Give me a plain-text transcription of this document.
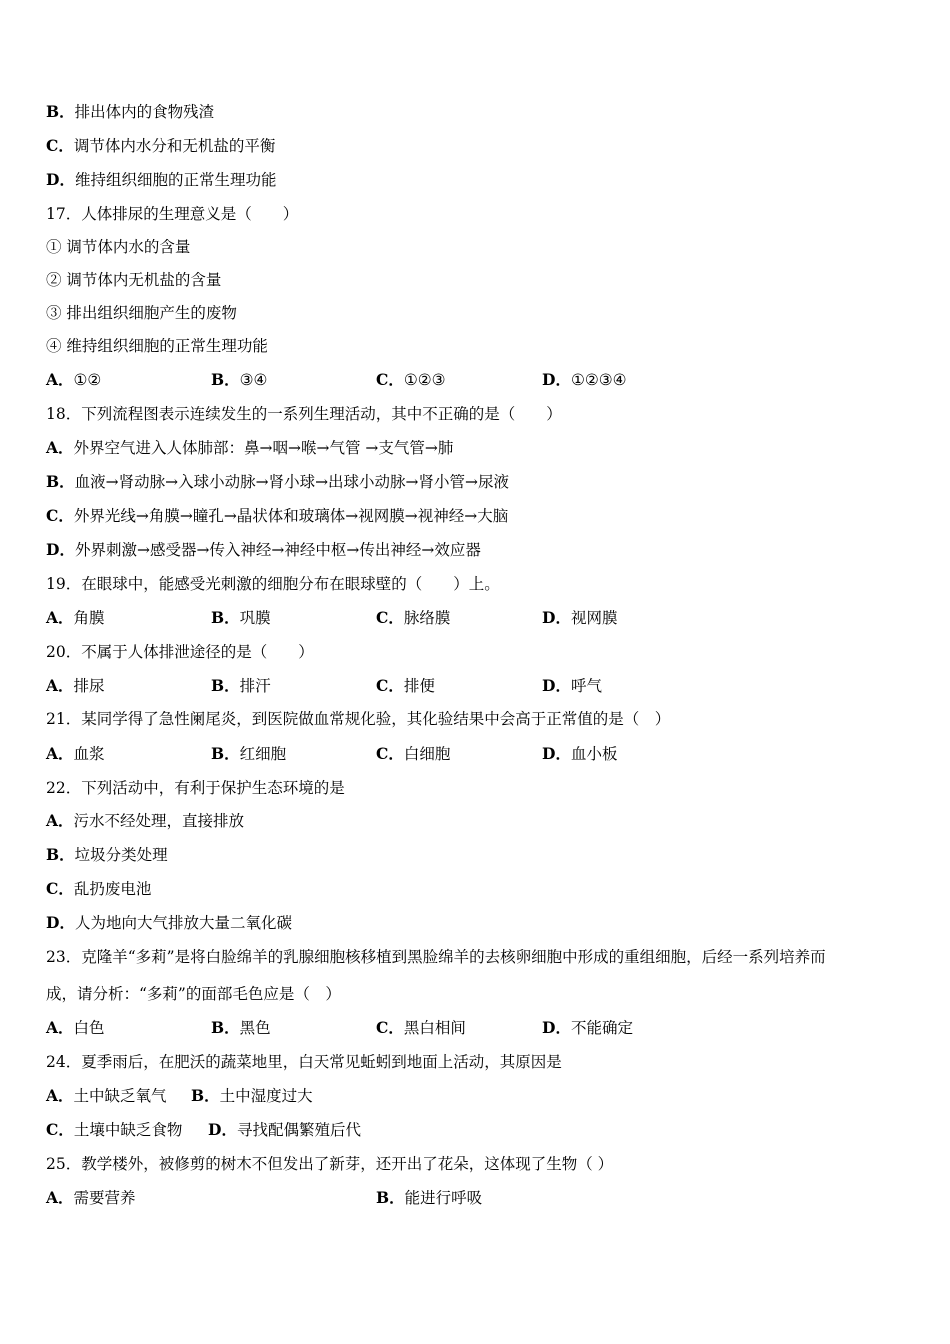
B．排出体内的食物残渣
C．调节体内水分和无机盐的平衡
D．维持组织细胞的正常生理功能
17．人体排尿的生理意义是（　　）
① 调节体内水的含量
② 调节体内无机盐的含量
③ 排出组织细胞产生的废物
④ 维持组织细胞的正常生理功能
A．①②	B．③④	C．①②③	D．①②③④
18．下列流程图表示连续发生的一系列生理活动，其中不正确的是（　　）
A．外界空气进入人体肺部：鼻→咽→喉→气管 →支气管→肺
B．血液→肾动脉→入球小动脉→肾小球→出球小动脉→肾小管→尿液
C．外界光线→角膜→瞳孔→晶状体和玻璃体→视网膜→视神经→大脑
D．外界刺激→感受器→传入神经→神经中枢→传出神经→效应器
19．在眼球中，能感受光刺激的细胞分布在眼球壁的（　　）上。
A．角膜	B．巩膜	C．脉络膜	D．视网膜
20．不属于人体排泄途径的是（　　）
A．排尿	B．排汗	C．排便	D．呼气
21．某同学得了急性阑尾炎，到医院做血常规化验，其化验结果中会高于正常值的是（　）
A．血浆	B．红细胞	C．白细胞	D．血小板
22．下列活动中，有利于保护生态环境的是
A．污水不经处理，直接排放
B．垃圾分类处理
C．乱扔废电池
D．人为地向大气排放大量二氧化碳
23．克隆羊“多莉”是将白脸绵羊的乳腺细胞核移植到黑脸绵羊的去核卵细胞中形成的重组细胞，后经一系列培养而
成，请分析：“多莉”的面部毛色应是（　）
A．白色	B．黑色	C．黑白相间	D．不能确定
24．夏季雨后，在肥沃的蔬菜地里，白天常见蚯蚓到地面上活动，其原因是
A．土中缺乏氧气 B．土中湿度过大
C．土壤中缺乏食物 D．寻找配偶繁殖后代
25．教学楼外，被修剪的树木不但发出了新芽，还开出了花朵，这体现了生物（ ）
A．需要营养	B．能进行呼吸
